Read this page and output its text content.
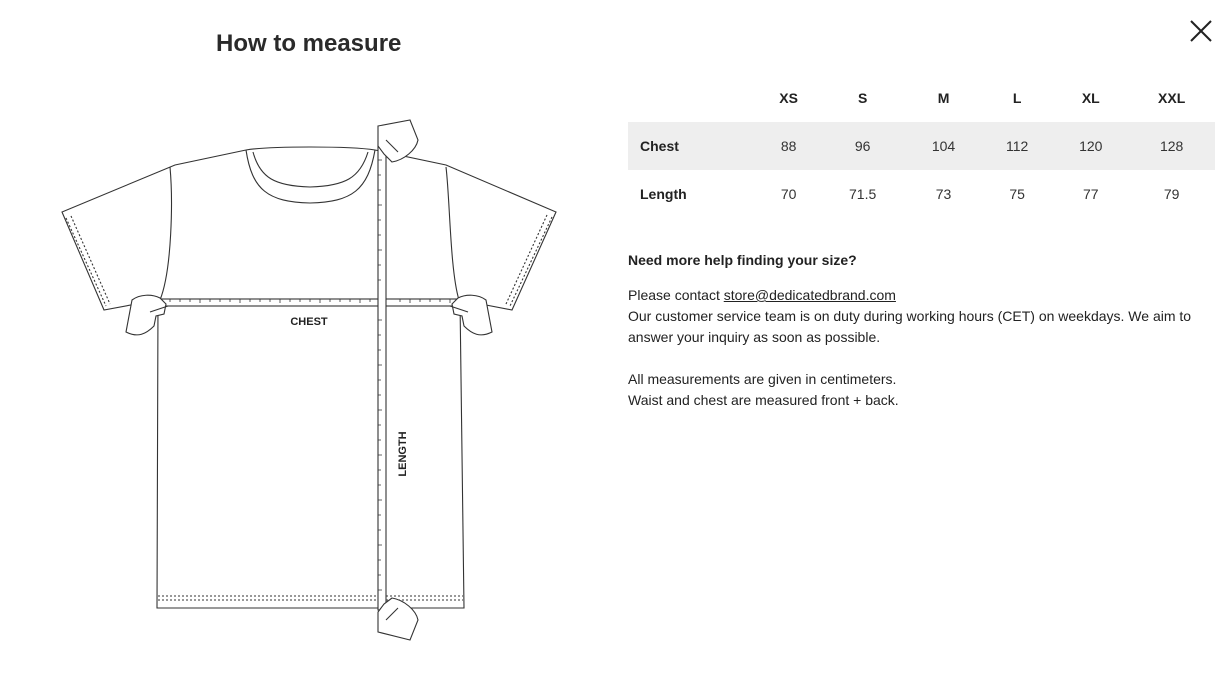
How to measure
CHEST
LENGTH
	XS	S	M	L	XL	XXL
Chest	88	96	104	112	120	128
Length	70	71.5	73	75	77	79
Need more help finding your size?

Please contact store@dedicatedbrand.com
Our customer service team is on duty during working hours (CET) on weekdays. We aim to answer your inquiry as soon as possible.

All measurements are given in centimeters.
Waist and chest are measured front + back.
